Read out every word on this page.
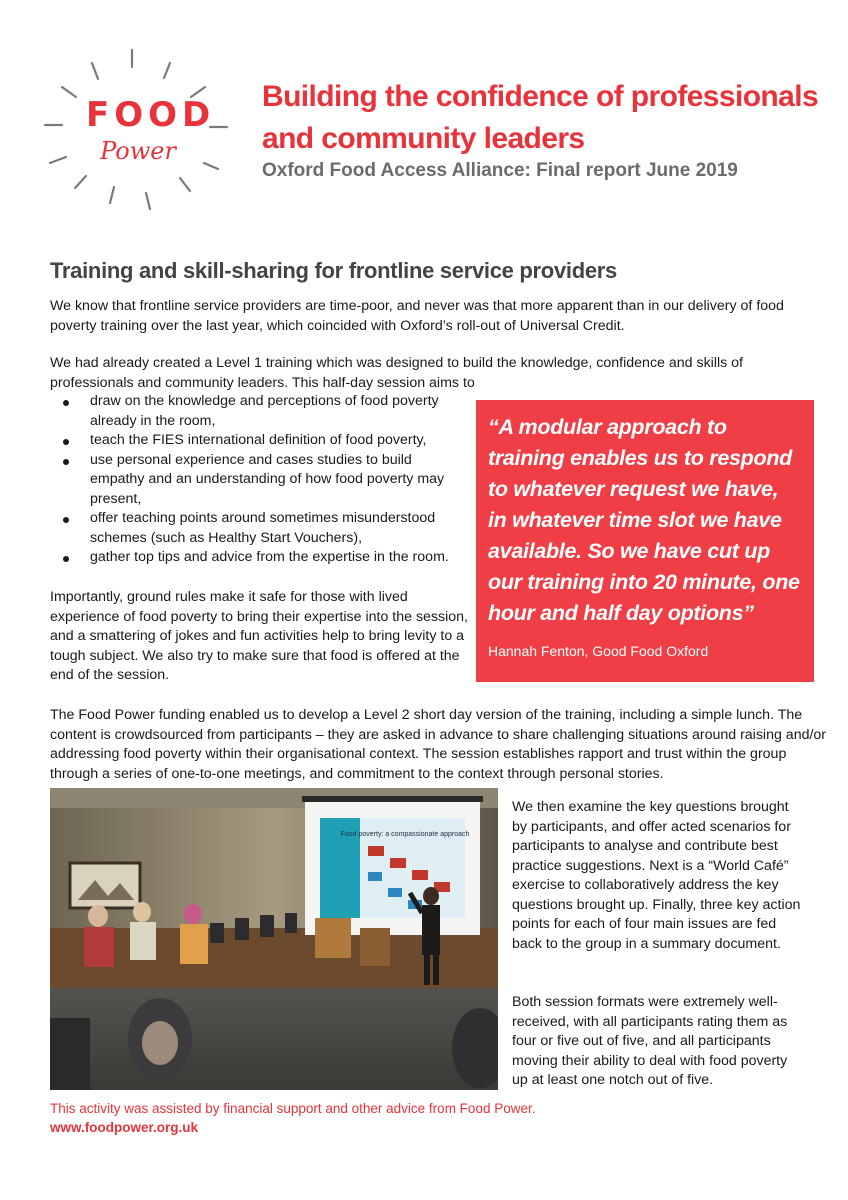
FOOD
Power
Building the confidence of professionals and community leaders

Oxford Food Access Alliance: Final report June 2019

Training and skill-sharing for frontline service providers

We know that frontline service providers are time-poor, and never was that more apparent than in our delivery of food poverty training over the last year, which coincided with Oxford’s roll-out of Universal Credit.

We had already created a Level 1 training which was designed to build the knowledge, confidence and skills of professionals and community leaders. This half-day session aims to

draw on the knowledge and perceptions of food poverty already in the room,
teach the FIES international definition of food poverty,
use personal experience and cases studies to build empathy and an understanding of how food poverty may present,
offer teaching points around sometimes misunderstood schemes (such as Healthy Start Vouchers),
gather top tips and advice from the expertise in the room.

Importantly, ground rules make it safe for those with lived experience of food poverty to bring their expertise into the session, and a smattering of jokes and fun activities help to bring levity to a tough subject. We also try to make sure that food is offered at the end of the session.

“A modular approach to training enables us to respond to whatever request we have, in whatever time slot we have available. So we have cut up our training into 20 minute, one hour and half day options”

Hannah Fenton, Good Food Oxford

The Food Power funding enabled us to develop a Level 2 short day version of the training, including a simple lunch. The content is crowdsourced from participants – they are asked in advance to share challenging situations around raising and/or addressing food poverty within their organisational context. The session establishes rapport and trust within the group through a series of one-to-one meetings, and commitment to the context through personal stories.

Food poverty: a compassionate approach

We then examine the key questions brought by participants, and offer acted scenarios for participants to analyse and contribute best practice suggestions. Next is a “World Café” exercise to collaboratively address the key questions brought up. Finally, three key action points for each of four main issues are fed back to the group in a summary document.

Both session formats were extremely well-received, with all participants rating them as four or five out of five, and all participants moving their ability to deal with food poverty up at least one notch out of five.

This activity was assisted by financial support and other advice from Food Power.

www.foodpower.org.uk
